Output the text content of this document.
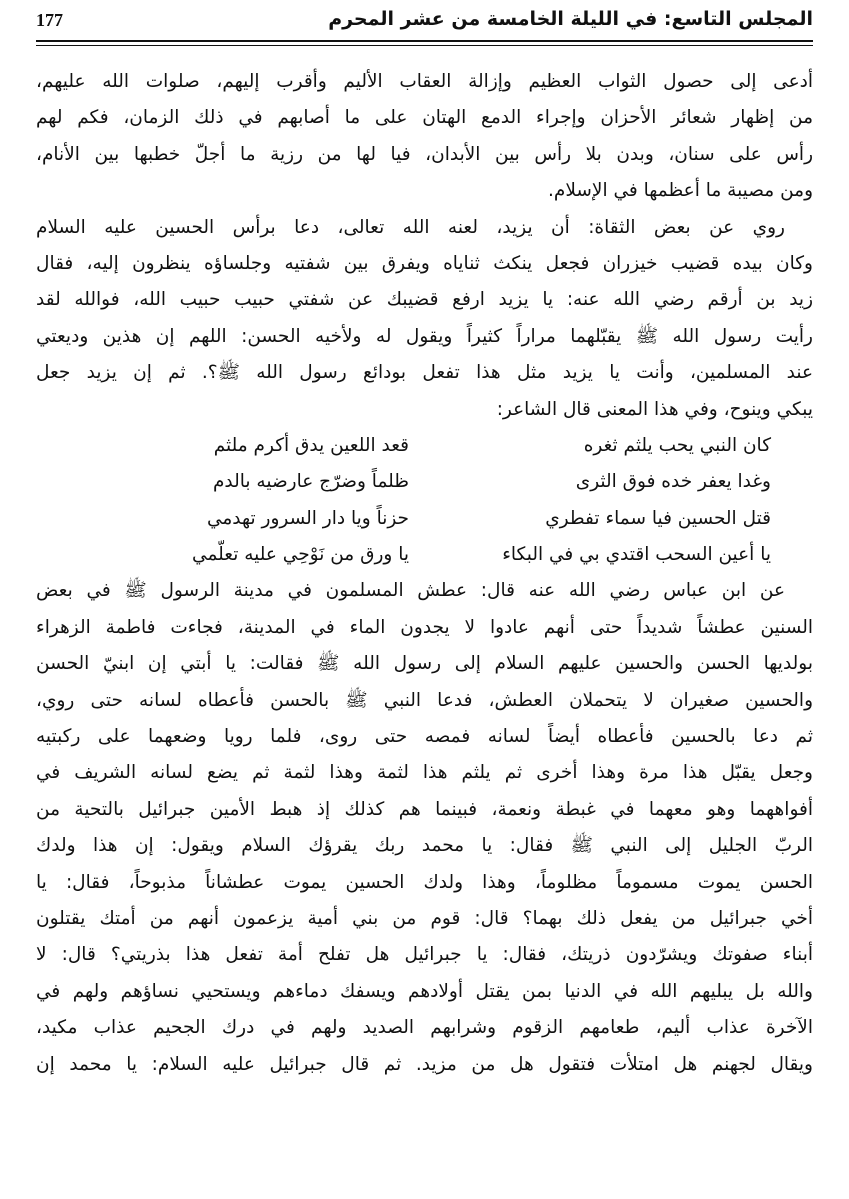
المجلس التاسع: في الليلة الخامسة من عشر المحرم
177
أدعى إلى حصول الثواب العظيم وإزالة العقاب الأليم وأقرب إليهم، صلوات الله عليهم،
من إظهار شعائر الأحزان وإجراء الدمع الهتان على ما أصابهم في ذلك الزمان، فكم لهم
رأس على سنان، وبدن بلا رأس بين الأبدان، فيا لها من رزية ما أجلّ خطبها بين الأنام،
ومن مصيبة ما أعظمها في الإسلام.
روي عن بعض الثقاة: أن يزيد، لعنه الله تعالى، دعا برأس الحسين عليه السلام
وكان بيده قضيب خيزران فجعل ينكث ثناياه ويفرق بين شفتيه وجلساؤه ينظرون إليه، فقال
زيد بن أرقم رضي الله عنه: يا يزيد ارفع قضيبك عن شفتي حبيب حبيب الله، فوالله لقد
رأيت رسول الله ﷺ يقبّلهما مراراً كثيراً ويقول له ولأخيه الحسن: اللهم إن هذين وديعتي
عند المسلمين، وأنت يا يزيد مثل هذا تفعل بودائع رسول الله ﷺ؟. ثم إن يزيد جعل
يبكي وينوح، وفي هذا المعنى قال الشاعر:
كان النبي يحب يلثم ثغره
قعد اللعين يدق أكرم ملثم
وغدا يعفر خده فوق الثرى
ظلماً وضرّج عارضيه بالدم
قتل الحسين فيا سماء تفطري
حزناً ويا دار السرور تهدمي
يا أعين السحب اقتدي بي في البكاء
يا ورق من نَوْحِي عليه تعلّمي
عن ابن عباس رضي الله عنه قال: عطش المسلمون في مدينة الرسول ﷺ في بعض
السنين عطشاً شديداً حتى أنهم عادوا لا يجدون الماء في المدينة، فجاءت فاطمة الزهراء
بولديها الحسن والحسين عليهم السلام إلى رسول الله ﷺ فقالت: يا أبتي إن ابنيّ الحسن
والحسين صغيران لا يتحملان العطش، فدعا النبي ﷺ بالحسن فأعطاه لسانه حتى روي،
ثم دعا بالحسين فأعطاه أيضاً لسانه فمصه حتى روى، فلما رويا وضعهما على ركبتيه
وجعل يقبّل هذا مرة وهذا أخرى ثم يلثم هذا لثمة وهذا لثمة ثم يضع لسانه الشريف في
أفواههما وهو معهما في غبطة ونعمة، فبينما هم كذلك إذ هبط الأمين جبرائيل بالتحية من
الربّ الجليل إلى النبي ﷺ فقال: يا محمد ربك يقرؤك السلام ويقول: إن هذا ولدك
الحسن يموت مسموماً مظلوماً، وهذا ولدك الحسين يموت عطشاناً مذبوحاً، فقال: يا
أخي جبرائيل من يفعل ذلك بهما؟ قال: قوم من بني أمية يزعمون أنهم من أمتك يقتلون
أبناء صفوتك ويشرّدون ذريتك، فقال: يا جبرائيل هل تفلح أمة تفعل هذا بذريتي؟ قال: لا
والله بل يبليهم الله في الدنيا بمن يقتل أولادهم ويسفك دماءهم ويستحيي نساؤهم ولهم في
الآخرة عذاب أليم، طعامهم الزقوم وشرابهم الصديد ولهم في درك الجحيم عذاب مكيد،
ويقال لجهنم هل امتلأت فتقول هل من مزيد. ثم قال جبرائيل عليه السلام: يا محمد إن
